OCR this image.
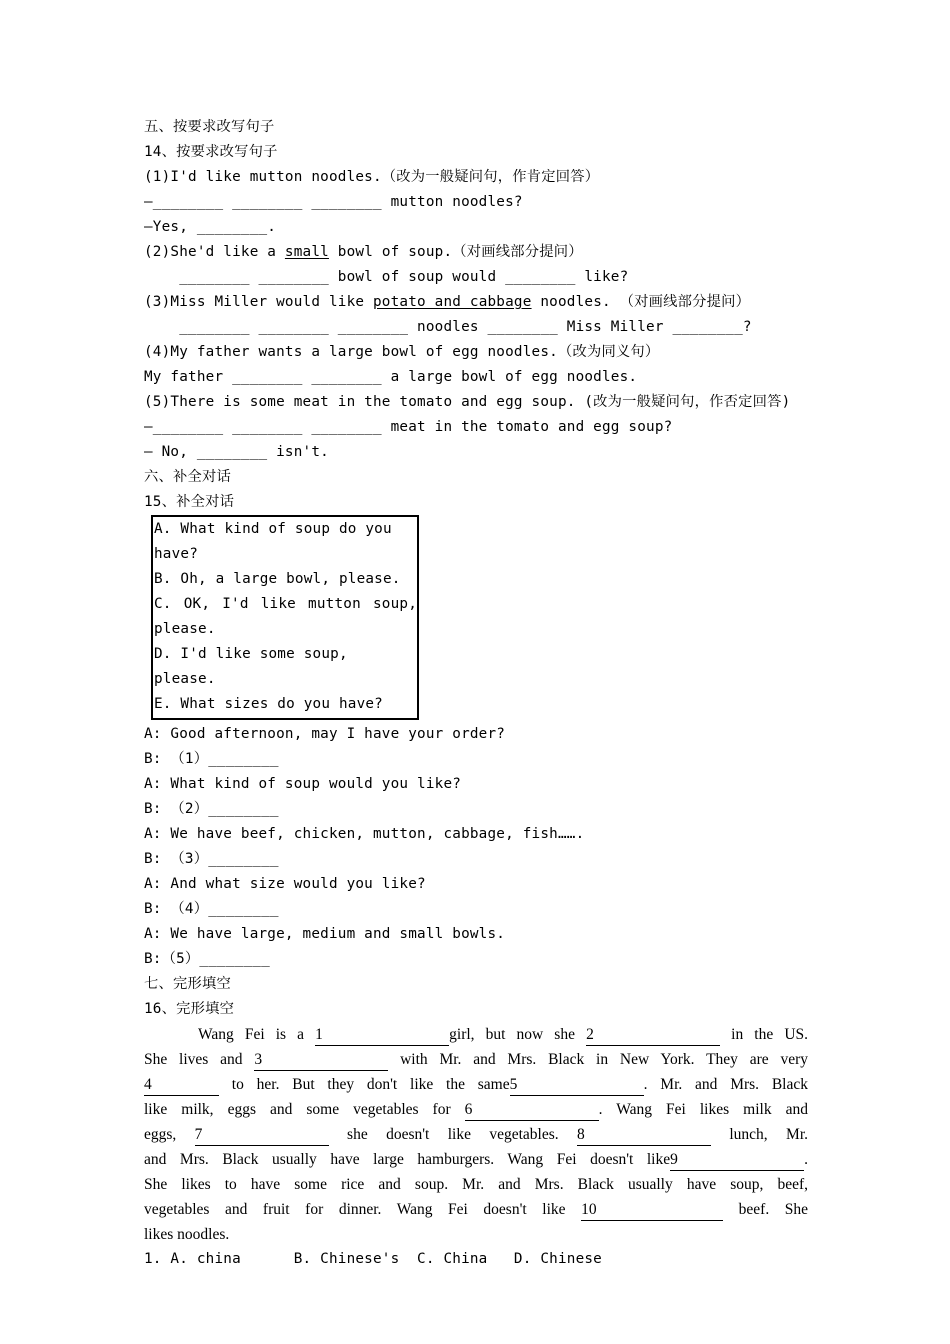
五、按要求改写句子
14、按要求改写句子
(1)I'd like mutton noodles.（改为一般疑问句，作肯定回答）
—________ ________ ________ mutton noodles?
—Yes, ________.
(2)She'd like a small bowl of soup.（对画线部分提问）
________ ________ bowl of soup would ________ like?
(3)Miss Miller would like potato and cabbage noodles. （对画线部分提问）
________ ________ ________ noodles ________ Miss Miller ________?
(4)My father wants a large bowl of egg noodles.（改为同义句）
My father ________ ________ a large bowl of egg noodles.
(5)There is some meat in the tomato and egg soup. (改为一般疑问句，作否定回答)
—________ ________ ________ meat in the tomato and egg soup?
— No, ________ isn't.
六、补全对话
15、补全对话
A. What kind of soup do you have?
B. Oh, a large bowl, please.
C. OK, I'd like mutton soup,
please.
D. I'd like some soup, please.
E. What sizes do you have?
A: Good afternoon, may I have your order?
B: （1）________
A: What kind of soup would you like?
B: （2）________
A: We have beef, chicken, mutton, cabbage, fish…….
B: （3）________
A: And what size would you like?
B: （4）________
A: We have large, medium and small bowls.
B:（5）________
七、完形填空
16、完形填空
Wang Fei is a 1	girl, but now she 2	in the US.
She lives and 3	with Mr. and Mrs. Black in New York. They are very
4	to her. But they don't like the same5	. Mr. and Mrs. Black
like milk, eggs and some vegetables for 6	. Wang Fei likes milk and
eggs, 7	she doesn't like vegetables. 8	lunch, Mr.
and Mrs. Black usually have large hamburgers. Wang Fei doesn't like9	.
She likes to have some rice and soup. Mr. and Mrs. Black usually have soup, beef,
vegetables and fruit for dinner. Wang Fei doesn't like 10	beef. She
likes noodles.
1. A. china      B. Chinese's  C. China   D. Chinese
